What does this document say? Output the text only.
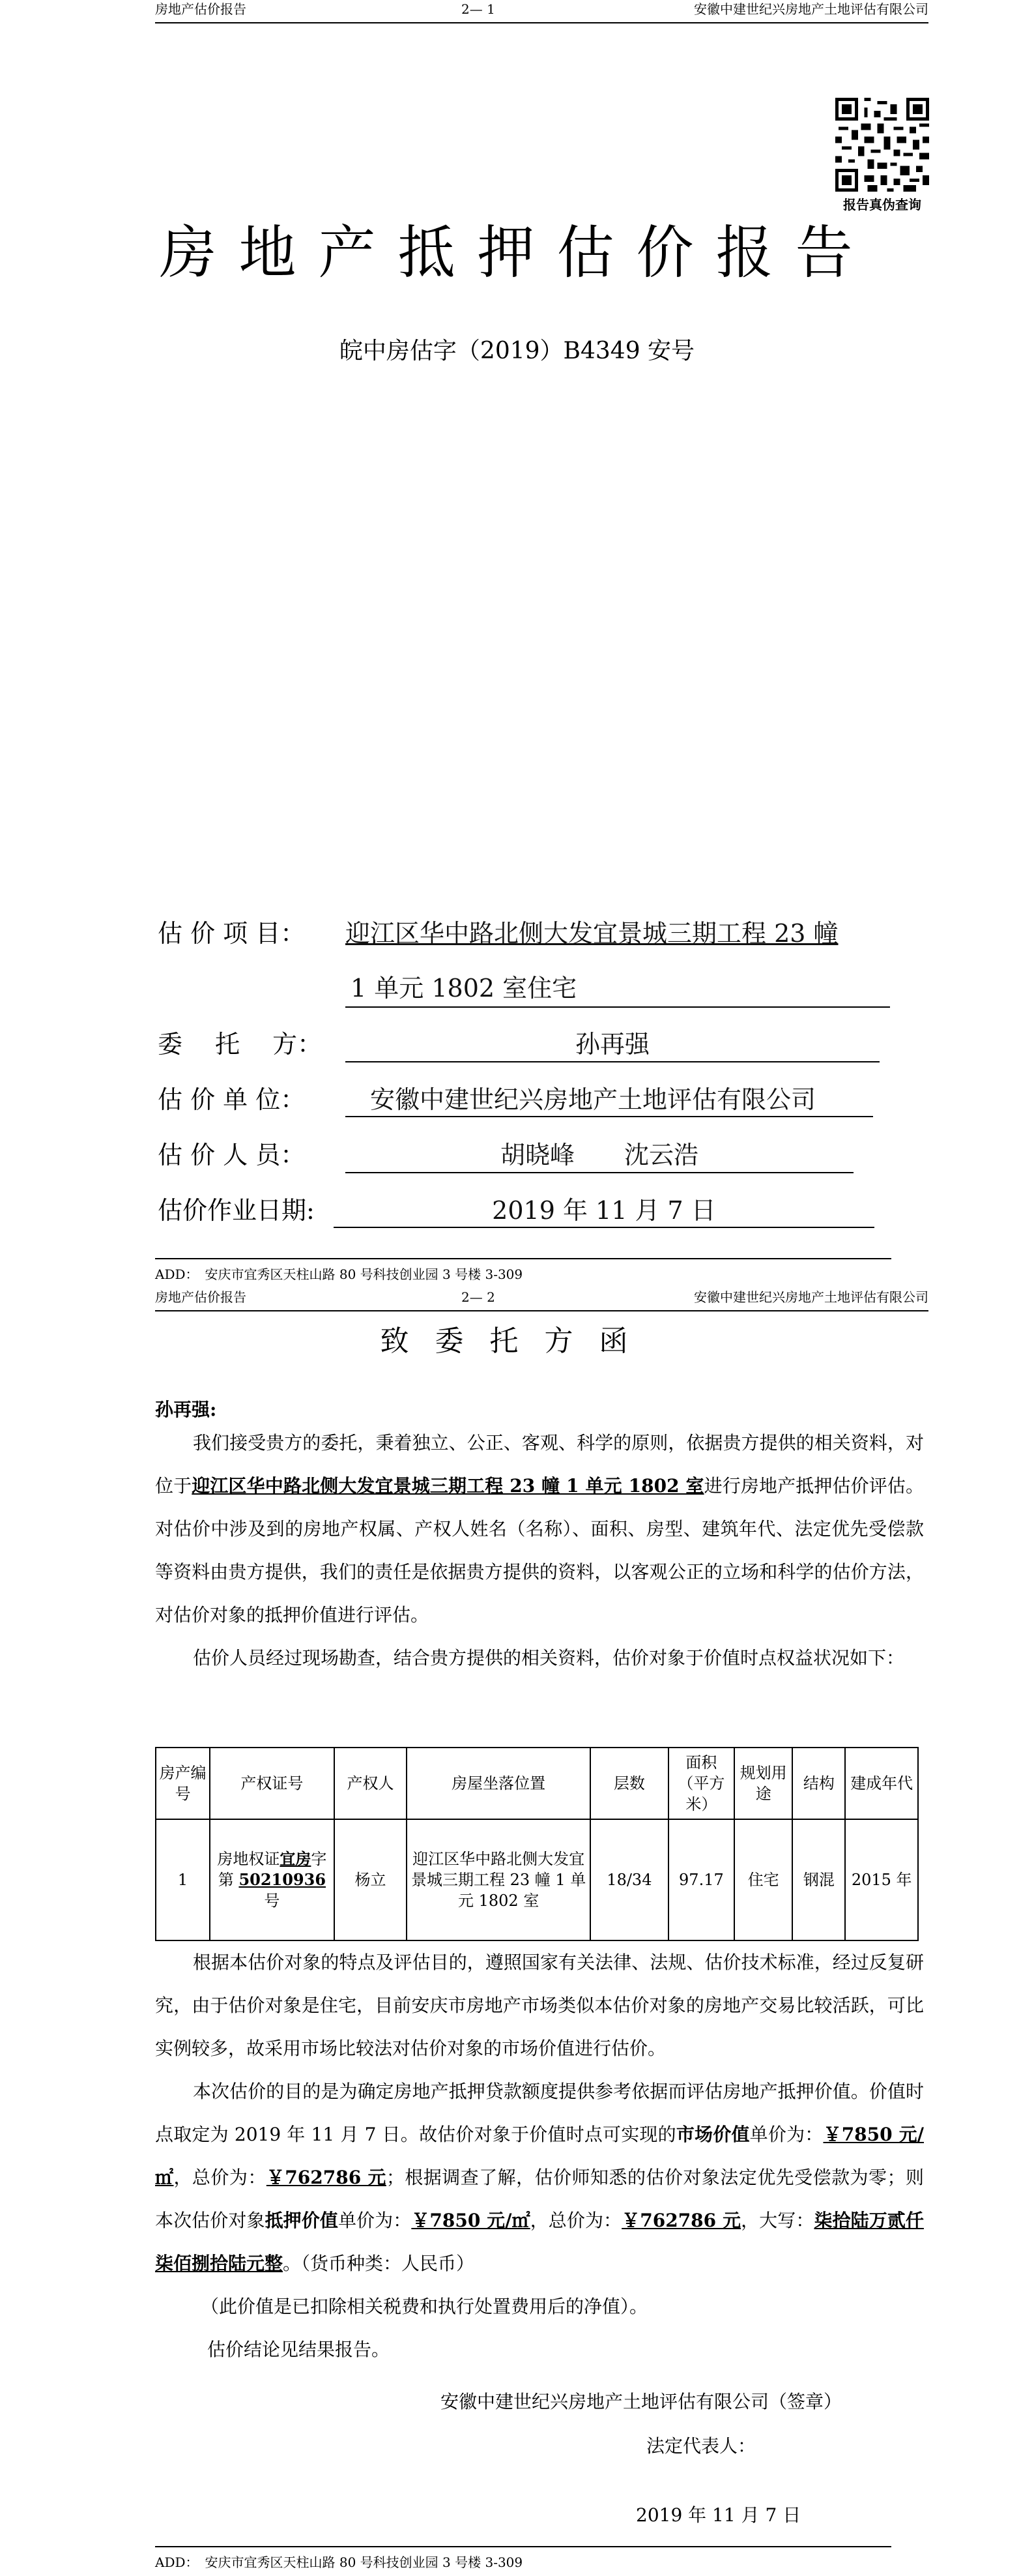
房地产估价报告	2— 1	安徽中建世纪兴房地产土地评估有限公司
报告真伪查询
房地产抵押估价报告
皖中房估字（2019）B4349 安号
估 价 项 目： 迎江区华中路北侧大发宜景城三期工程 23 幢
1 单元 1802 室住宅
委　 托　 方：	孙再强
估 价 单 位：	安徽中建世纪兴房地产土地评估有限公司
估 价 人 员：	胡晓峰　　沈云浩
估价作业日期:	2019 年 11 月 7 日
ADD：　安庆市宜秀区天柱山路 80 号科技创业园 3 号楼 3-309
房地产估价报告	2— 2	安徽中建世纪兴房地产土地评估有限公司
致委托方函
孙再强:

我们接受贵方的委托，秉着独立、公正、客观、科学的原则，依据贵方提供的相关资料，对位于迎江区华中路北侧大发宜景城三期工程 23 幢 1 单元 1802 室进行房地产抵押估价评估。对估价中涉及到的房地产权属、产权人姓名（名称）、面积、房型、建筑年代、法定优先受偿款等资料由贵方提供，我们的责任是依据贵方提供的资料，以客观公正的立场和科学的估价方法，对估价对象的抵押价值进行评估。

估价人员经过现场勘查，结合贵方提供的相关资料，估价对象于价值时点权益状况如下：

房产编号	产权证号	产权人	房屋坐落位置	层数	面积（平方米）	规划用途	结构	建成年代
1	房地权证宜房字第 50210936 号	杨立	迎江区华中路北侧大发宜景城三期工程 23 幢 1 单元 1802 室	18/34	97.17	住宅	钢混	2015 年

根据本估价对象的特点及评估目的，遵照国家有关法律、法规、估价技术标准，经过反复研究，由于估价对象是住宅，目前安庆市房地产市场类似本估价对象的房地产交易比较活跃，可比实例较多，故采用市场比较法对估价对象的市场价值进行估价。

本次估价的目的是为确定房地产抵押贷款额度提供参考依据而评估房地产抵押价值。价值时点取定为 2019 年 11 月 7 日。故估价对象于价值时点可实现的市场价值单价为：￥7850 元/㎡，总价为：￥762786 元；根据调查了解，估价师知悉的估价对象法定优先受偿款为零；则本次估价对象抵押价值单价为：￥7850 元/㎡，总价为：￥762786 元，大写：柒拾陆万贰仟柒佰捌拾陆元整。（货币种类：人民币）

（此价值是已扣除相关税费和执行处置费用后的净值）。

估价结论见结果报告。

安徽中建世纪兴房地产土地评估有限公司（签章）
法定代表人：
2019 年 11 月 7 日
ADD：　安庆市宜秀区天柱山路 80 号科技创业园 3 号楼 3-309
